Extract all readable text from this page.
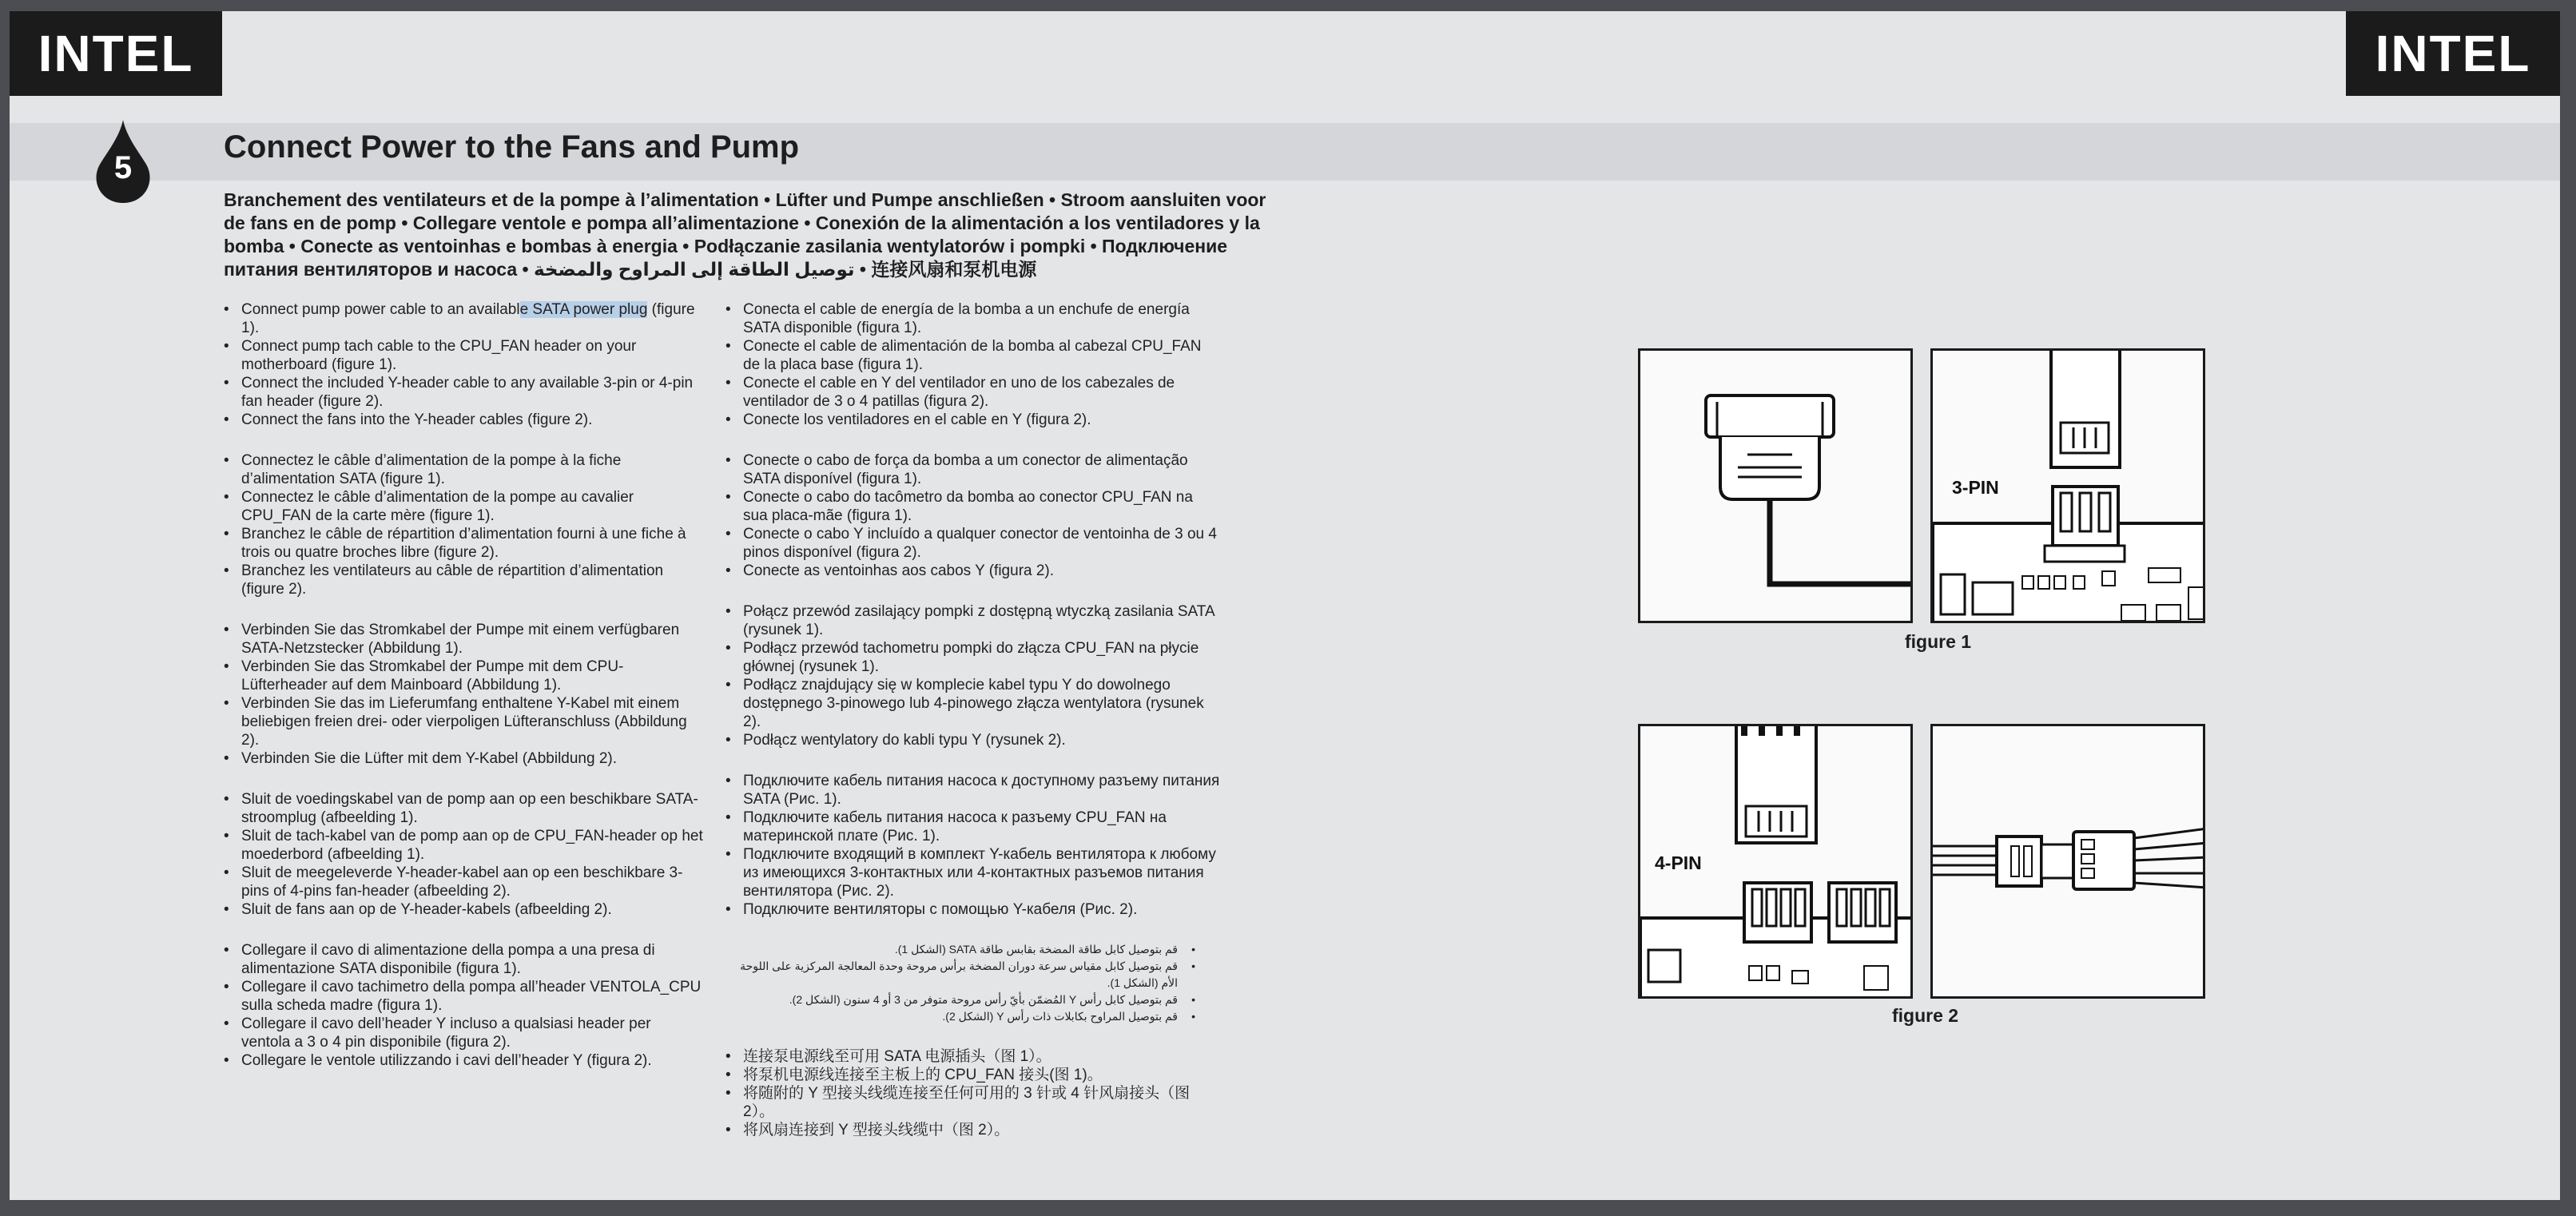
INTEL	INTEL
5
Connect Power to the Fans and Pump
Branchement des ventilateurs et de la pompe à l’alimentation • Lüfter und Pumpe anschließen • Stroom aansluiten voor de fans en de pomp • Collegare ventole e pompa all’alimentazione • Conexión de la alimentación a los ventiladores y la bomba • Conecte as ventoinhas e bombas à energia • Podłączanie zasilania wentylatorów i pompki • Подключение питания вентиляторов и насоса • توصيل الطاقة إلى المراوح والمضخة • 连接风扇和泵机电源
• Connect pump power cable to an available SATA power plug (figure 1).
• Connect pump tach cable to the CPU_FAN header on your motherboard (figure 1).
• Connect the included Y-header cable to any available 3-pin or 4-pin fan header (figure 2).
• Connect the fans into the Y-header cables (figure 2).
• Connectez le câble d’alimentation de la pompe à la fiche d’alimentation SATA (figure 1).
• Connectez le câble d’alimentation de la pompe au cavalier CPU_FAN de la carte mère (figure 1).
• Branchez le câble de répartition d’alimentation fourni à une fiche à trois ou quatre broches libre (figure 2).
• Branchez les ventilateurs au câble de répartition d’alimentation (figure 2).
• Verbinden Sie das Stromkabel der Pumpe mit einem verfügbaren SATA-Netzstecker (Abbildung 1).
• Verbinden Sie das Stromkabel der Pumpe mit dem CPU-Lüfterheader auf dem Mainboard (Abbildung 1).
• Verbinden Sie das im Lieferumfang enthaltene Y-Kabel mit einem beliebigen freien drei- oder vierpoligen Lüfteranschluss (Abbildung 2).
• Verbinden Sie die Lüfter mit dem Y-Kabel (Abbildung 2).
• Sluit de voedingskabel van de pomp aan op een beschikbare SATA-stroomplug (afbeelding 1).
• Sluit de tach-kabel van de pomp aan op de CPU_FAN-header op het moederbord (afbeelding 1).
• Sluit de meegeleverde Y-header-kabel aan op een beschikbare 3-pins of 4-pins fan-header (afbeelding 2).
• Sluit de fans aan op de Y-header-kabels (afbeelding 2).
• Collegare il cavo di alimentazione della pompa a una presa di alimentazione SATA disponibile (figura 1).
• Collegare il cavo tachimetro della pompa all’header VENTOLA_CPU sulla scheda madre (figura 1).
• Collegare il cavo dell’header Y incluso a qualsiasi header per ventola a 3 o 4 pin disponibile (figura 2).
• Collegare le ventole utilizzando i cavi dell’header Y (figura 2).
• Conecta el cable de energía de la bomba a un enchufe de energía SATA disponible (figura 1).
• Conecte el cable de alimentación de la bomba al cabezal CPU_FAN de la placa base (figura 1).
• Conecte el cable en Y del ventilador en uno de los cabezales de ventilador de 3 o 4 patillas (figura 2).
• Conecte los ventiladores en el cable en Y (figura 2).
• Conecte o cabo de força da bomba a um conector de alimentação SATA disponível (figura 1).
• Conecte o cabo do tacômetro da bomba ao conector CPU_FAN na sua placa-mãe (figura 1).
• Conecte o cabo Y incluído a qualquer conector de ventoinha de 3 ou 4 pinos disponível (figura 2).
• Conecte as ventoinhas aos cabos Y (figura 2).
• Połącz przewód zasilający pompki z dostępną wtyczką zasilania SATA (rysunek 1).
• Podłącz przewód tachometru pompki do złącza CPU_FAN na płycie głównej (rysunek 1).
• Podłącz znajdujący się w komplecie kabel typu Y do dowolnego dostępnego 3-pinowego lub 4-pinowego złącza wentylatora (rysunek 2).
• Podłącz wentylatory do kabli typu Y (rysunek 2).
• Подключите кабель питания насоса к доступному разъему питания SATA (Рис. 1).
• Подключите кабель питания насоса к разъему CPU_FAN на материнской плате (Рис. 1).
• Подключите входящий в комплект Y-кабель вентилятора к любому из имеющихся 3-контактных или 4-контактных разъемов питания вентилятора (Рис. 2).
• Подключите вентиляторы с помощью Y-кабеля (Рис. 2).
• قم بتوصيل كابل طاقة المضخة بقابس طاقة SATA (الشكل 1).
• قم بتوصيل كابل مقياس سرعة دوران المضخة برأس مروحة وحدة المعالجة المركزية على اللوحة الأم (الشكل 1).
• قم بتوصيل كابل رأس Y المُضمّن بأيّ رأس مروحة متوفر من 3 أو 4 سنون (الشكل 2).
• قم بتوصيل المراوح بكابلات ذات رأس Y (الشكل 2).
• 连接泵电源线至可用 SATA 电源插头（图 1）。
• 将泵机电源线连接至主板上的 CPU_FAN 接头(图 1)。
• 将随附的 Y 型接头线缆连接至任何可用的 3 针或 4 针风扇接头（图 2）。
• 将风扇连接到 Y 型接头线缆中（图 2）。
3-PIN
figure 1
4-PIN
figure 2
